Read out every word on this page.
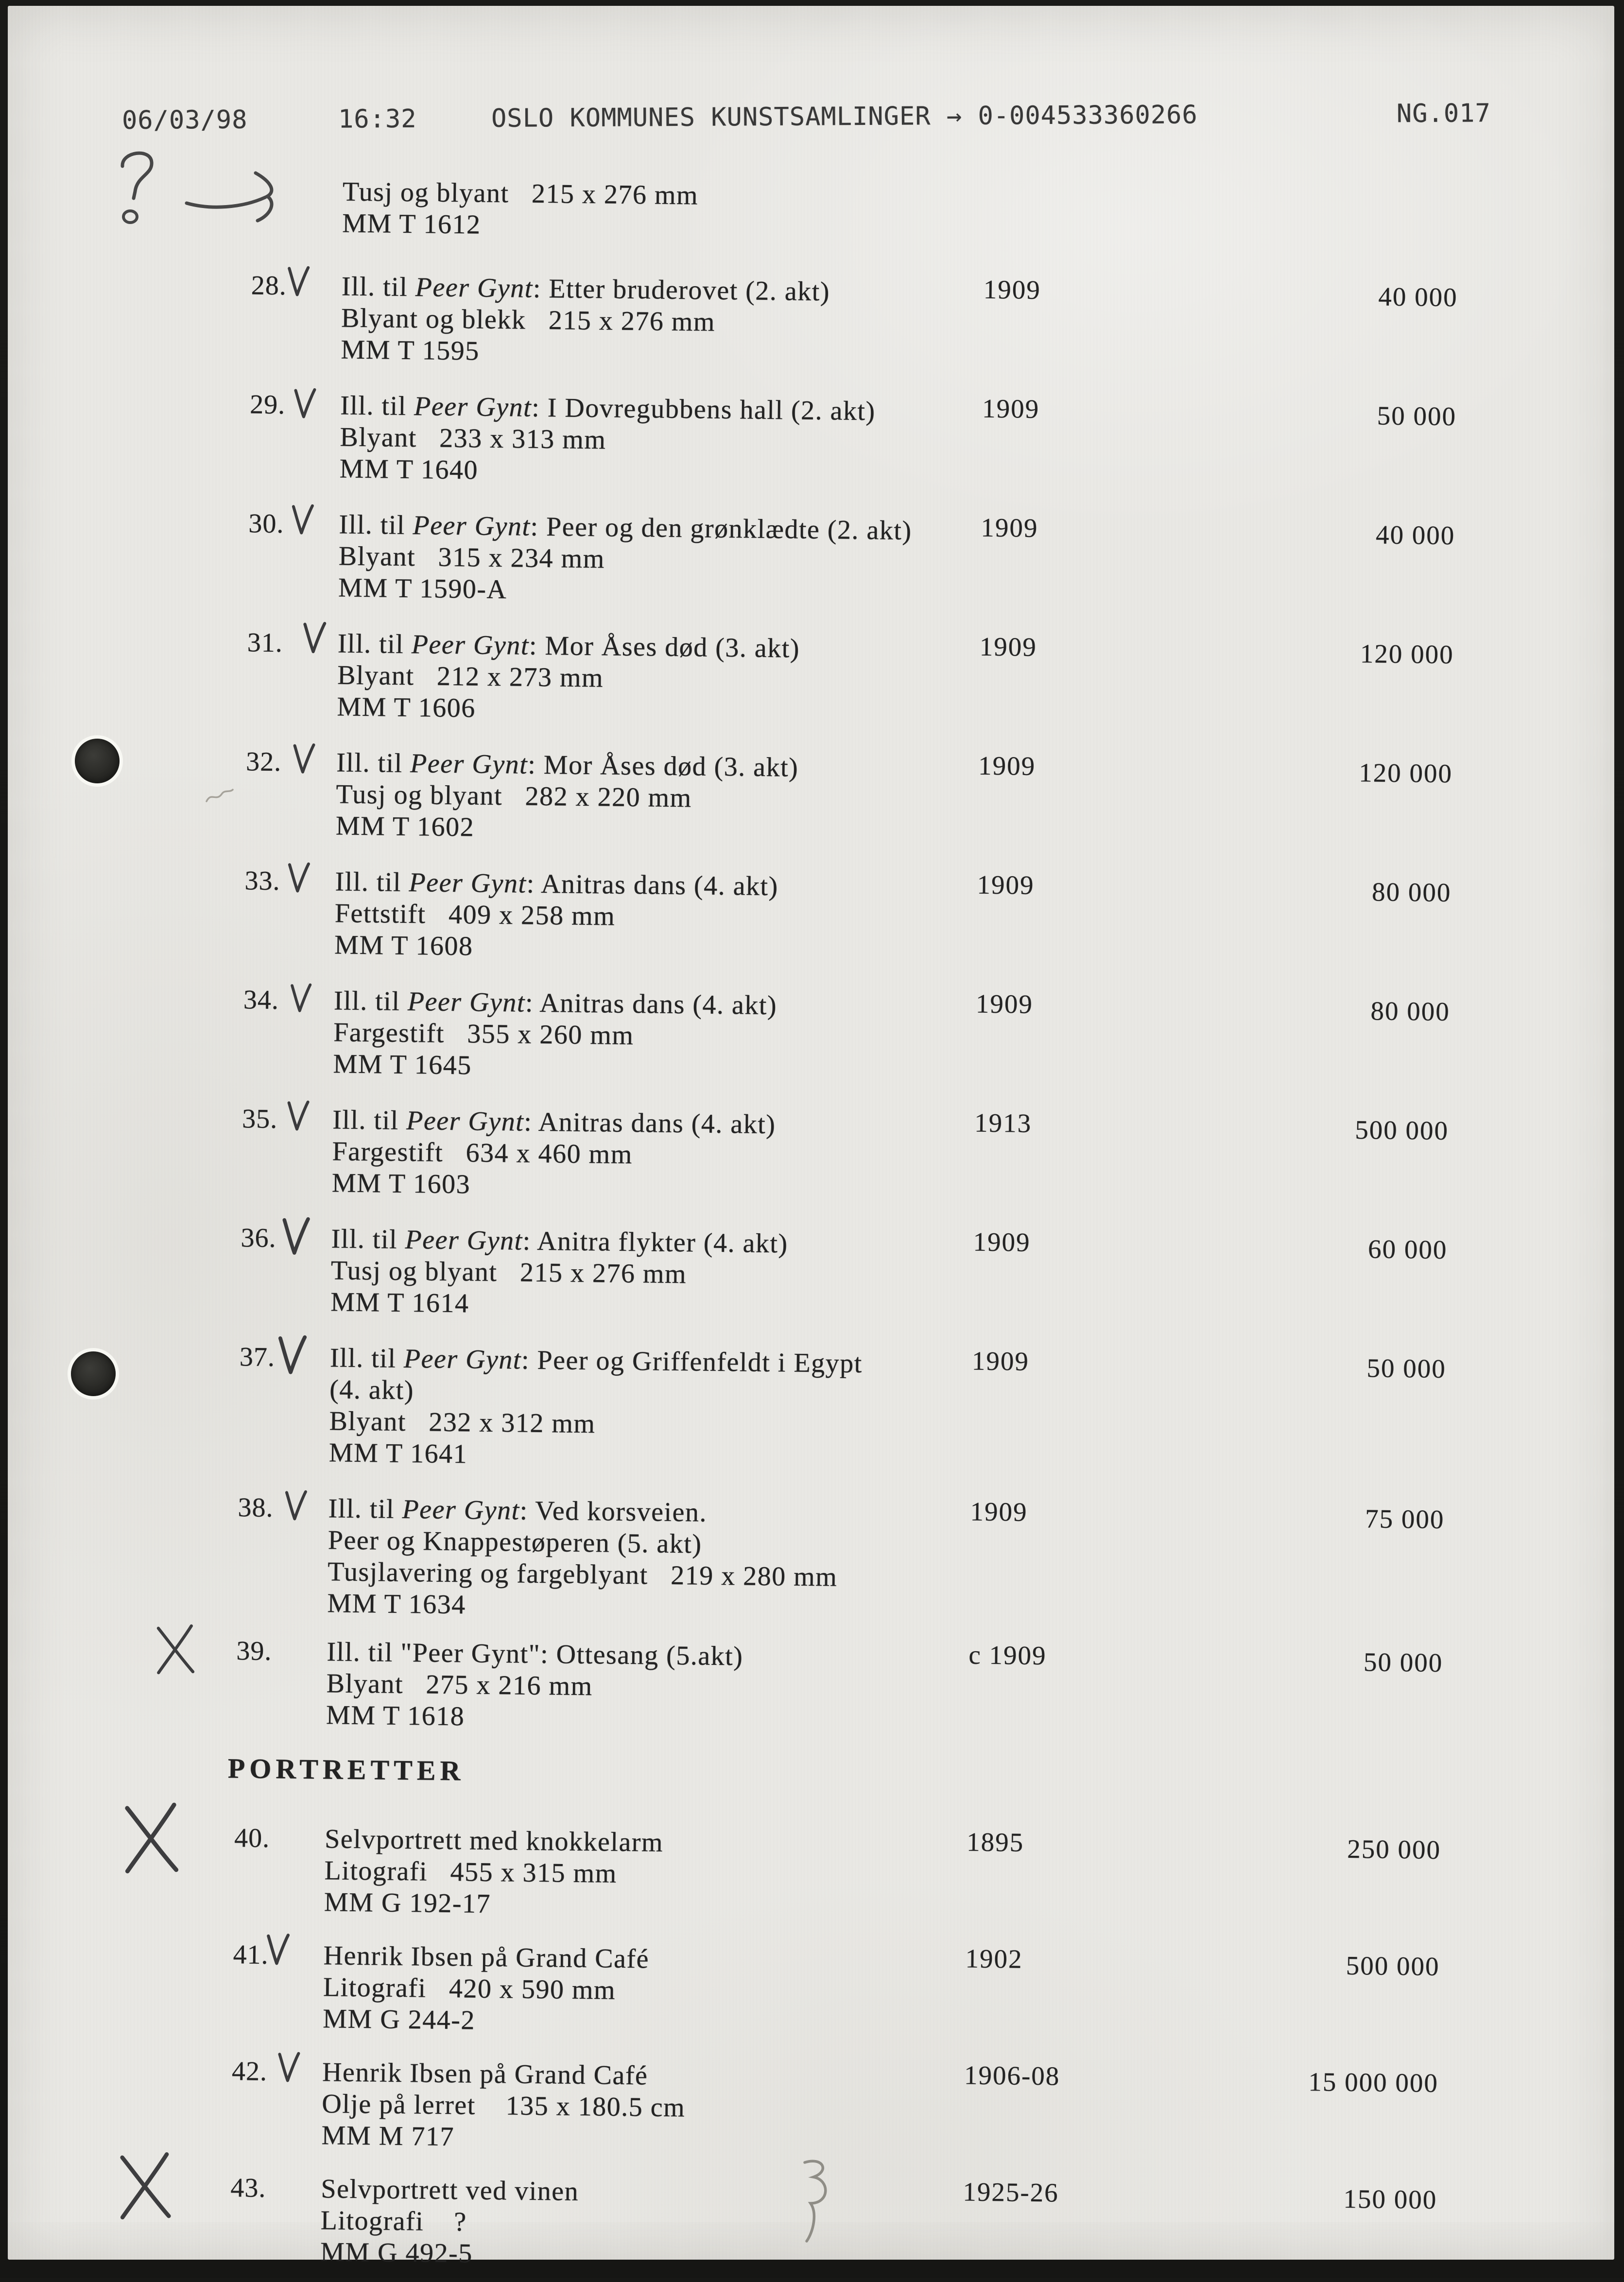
06/03/98

	16:32

	OSLO KOMMUNES KUNSTSAMLINGER → 0-004533360266

	NG.017

Tusj og blyant   215 x 276 mm
MM T 1612
PORTRETTER
28. Ill. til Peer Gynt: Etter bruderovet (2. akt)
Blyant og blekk   215 x 276 mm
MM T 1595
1909	40 000
29. Ill. til Peer Gynt: I Dovregubbens hall (2. akt)
Blyant   233 x 313 mm
MM T 1640
1909	50 000
30. Ill. til Peer Gynt: Peer og den grønklædte (2. akt)
Blyant   315 x 234 mm
MM T 1590-A
1909	40 000
31. Ill. til Peer Gynt: Mor Åses død (3. akt)
Blyant   212 x 273 mm
MM T 1606
1909	120 000
32. Ill. til Peer Gynt: Mor Åses død (3. akt)
Tusj og blyant   282 x 220 mm
MM T 1602
1909	120 000
33. Ill. til Peer Gynt: Anitras dans (4. akt)
Fettstift   409 x 258 mm
MM T 1608
1909	80 000
34. Ill. til Peer Gynt: Anitras dans (4. akt)
Fargestift   355 x 260 mm
MM T 1645
1909	80 000
35. Ill. til Peer Gynt: Anitras dans (4. akt)
Fargestift   634 x 460 mm
MM T 1603
1913	500 000
36. Ill. til Peer Gynt: Anitra flykter (4. akt)
Tusj og blyant   215 x 276 mm
MM T 1614
1909	60 000
37. Ill. til Peer Gynt: Peer og Griffenfeldt i Egypt
(4. akt)
Blyant   232 x 312 mm
MM T 1641
1909	50 000
38. Ill. til Peer Gynt: Ved korsveien.
Peer og Knappestøperen (5. akt)
Tusjlavering og fargeblyant   219 x 280 mm
MM T 1634
1909	75 000
39. Ill. til "Peer Gynt": Ottesang (5.akt)
Blyant   275 x 216 mm
MM T 1618
c 1909	50 000
40. Selvportrett med knokkelarm
Litografi   455 x 315 mm
MM G 192-17
1895	250 000
41. Henrik Ibsen på Grand Café
Litografi   420 x 590 mm
MM G 244-2
1902	500 000
42. Henrik Ibsen på Grand Café
Olje på lerret    135 x 180.5 cm
MM M 717
1906-08	15 000 000
43. Selvportrett ved vinen
Litografi    ?
MM G 492-5
1925-26	150 000
